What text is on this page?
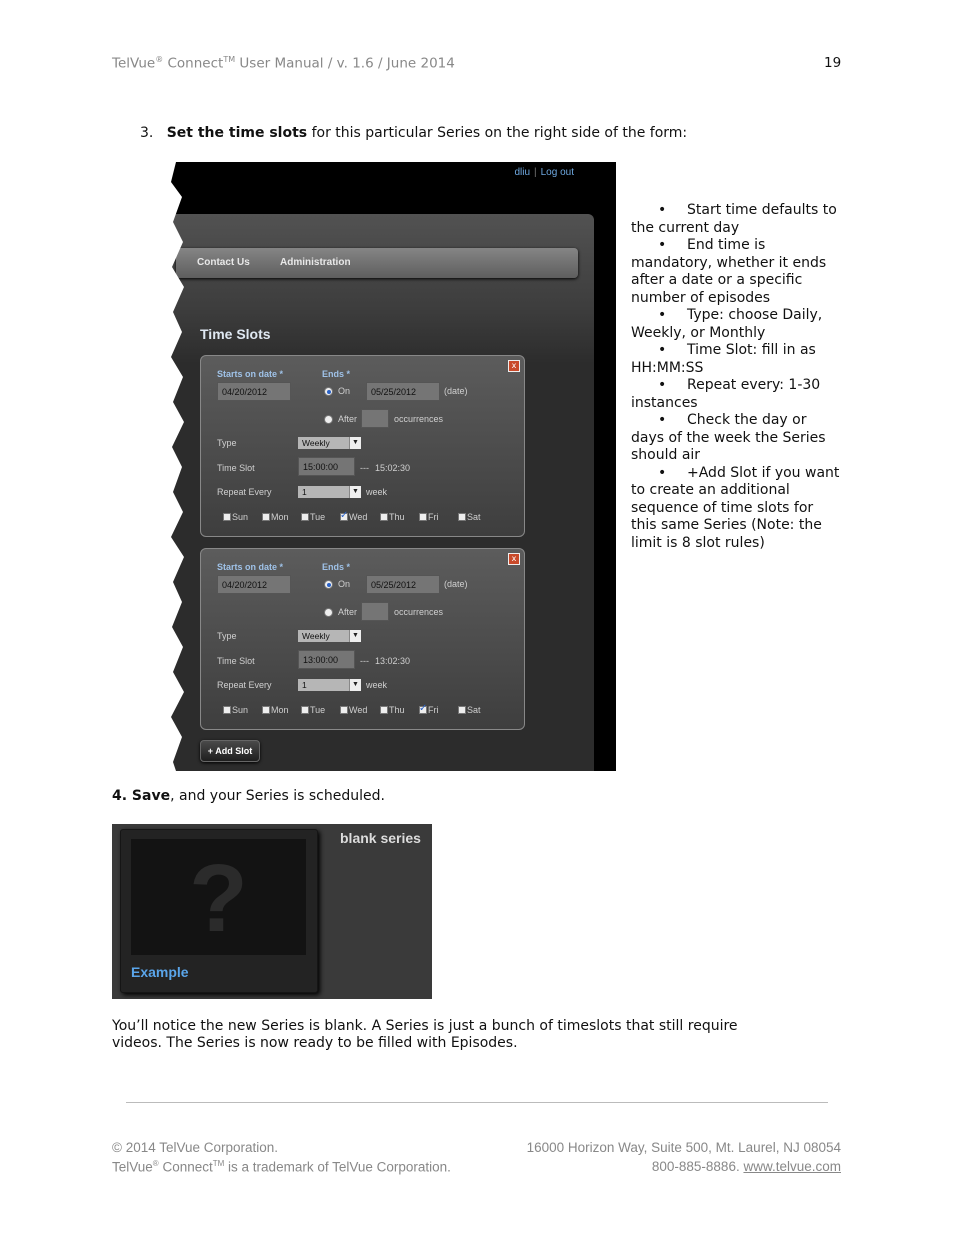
TelVue® Connect™ User Manual / v. 1.6 / June 2014	19
3. Set the time slots for this particular Series on the right side of the form:
dliu | Log out
Contact Us	Administration
Time Slots
x
Starts on date *	Ends *
04/20/2012	On	05/25/2012	(date)
After	occurrences
Type	Weekly	▼
Time Slot	15:00:00	--- 15:02:30
Repeat Every	1	▼ week
Sun	Mon	Tue ✓	Wed	Thu	Fri	Sat
x
Starts on date *	Ends *
04/20/2012	On	05/25/2012	(date)
After	occurrences
Type	Weekly	▼
Time Slot	13:00:00	--- 13:02:30
Repeat Every	1	▼ week
Sun	Mon	Tue	Wed	Thu ✓	Fri	Sat
+ Add Slot

• Start time defaults to the current day

• End time is mandatory, whether it ends after a date or a specific number of episodes

• Type: choose Daily, Weekly, or Monthly

• Time Slot: fill in as HH:MM:SS

• Repeat every: 1-30 instances

• Check the day or days of the week the Series should air

• +Add Slot if you want to create an additional sequence of time slots for this same Series (Note: the limit is 8 slot rules)

4. Save, and your Series is scheduled.
?
Example
blank series
You’ll notice the new Series is blank. A Series is just a bunch of timeslots that still require videos. The Series is now ready to be filled with Episodes.
© 2014 TelVue Corporation.
TelVue® Connect™ is a trademark of TelVue Corporation.
16000 Horizon Way, Suite 500, Mt. Laurel, NJ 08054
800-885-8886. www.telvue.com
